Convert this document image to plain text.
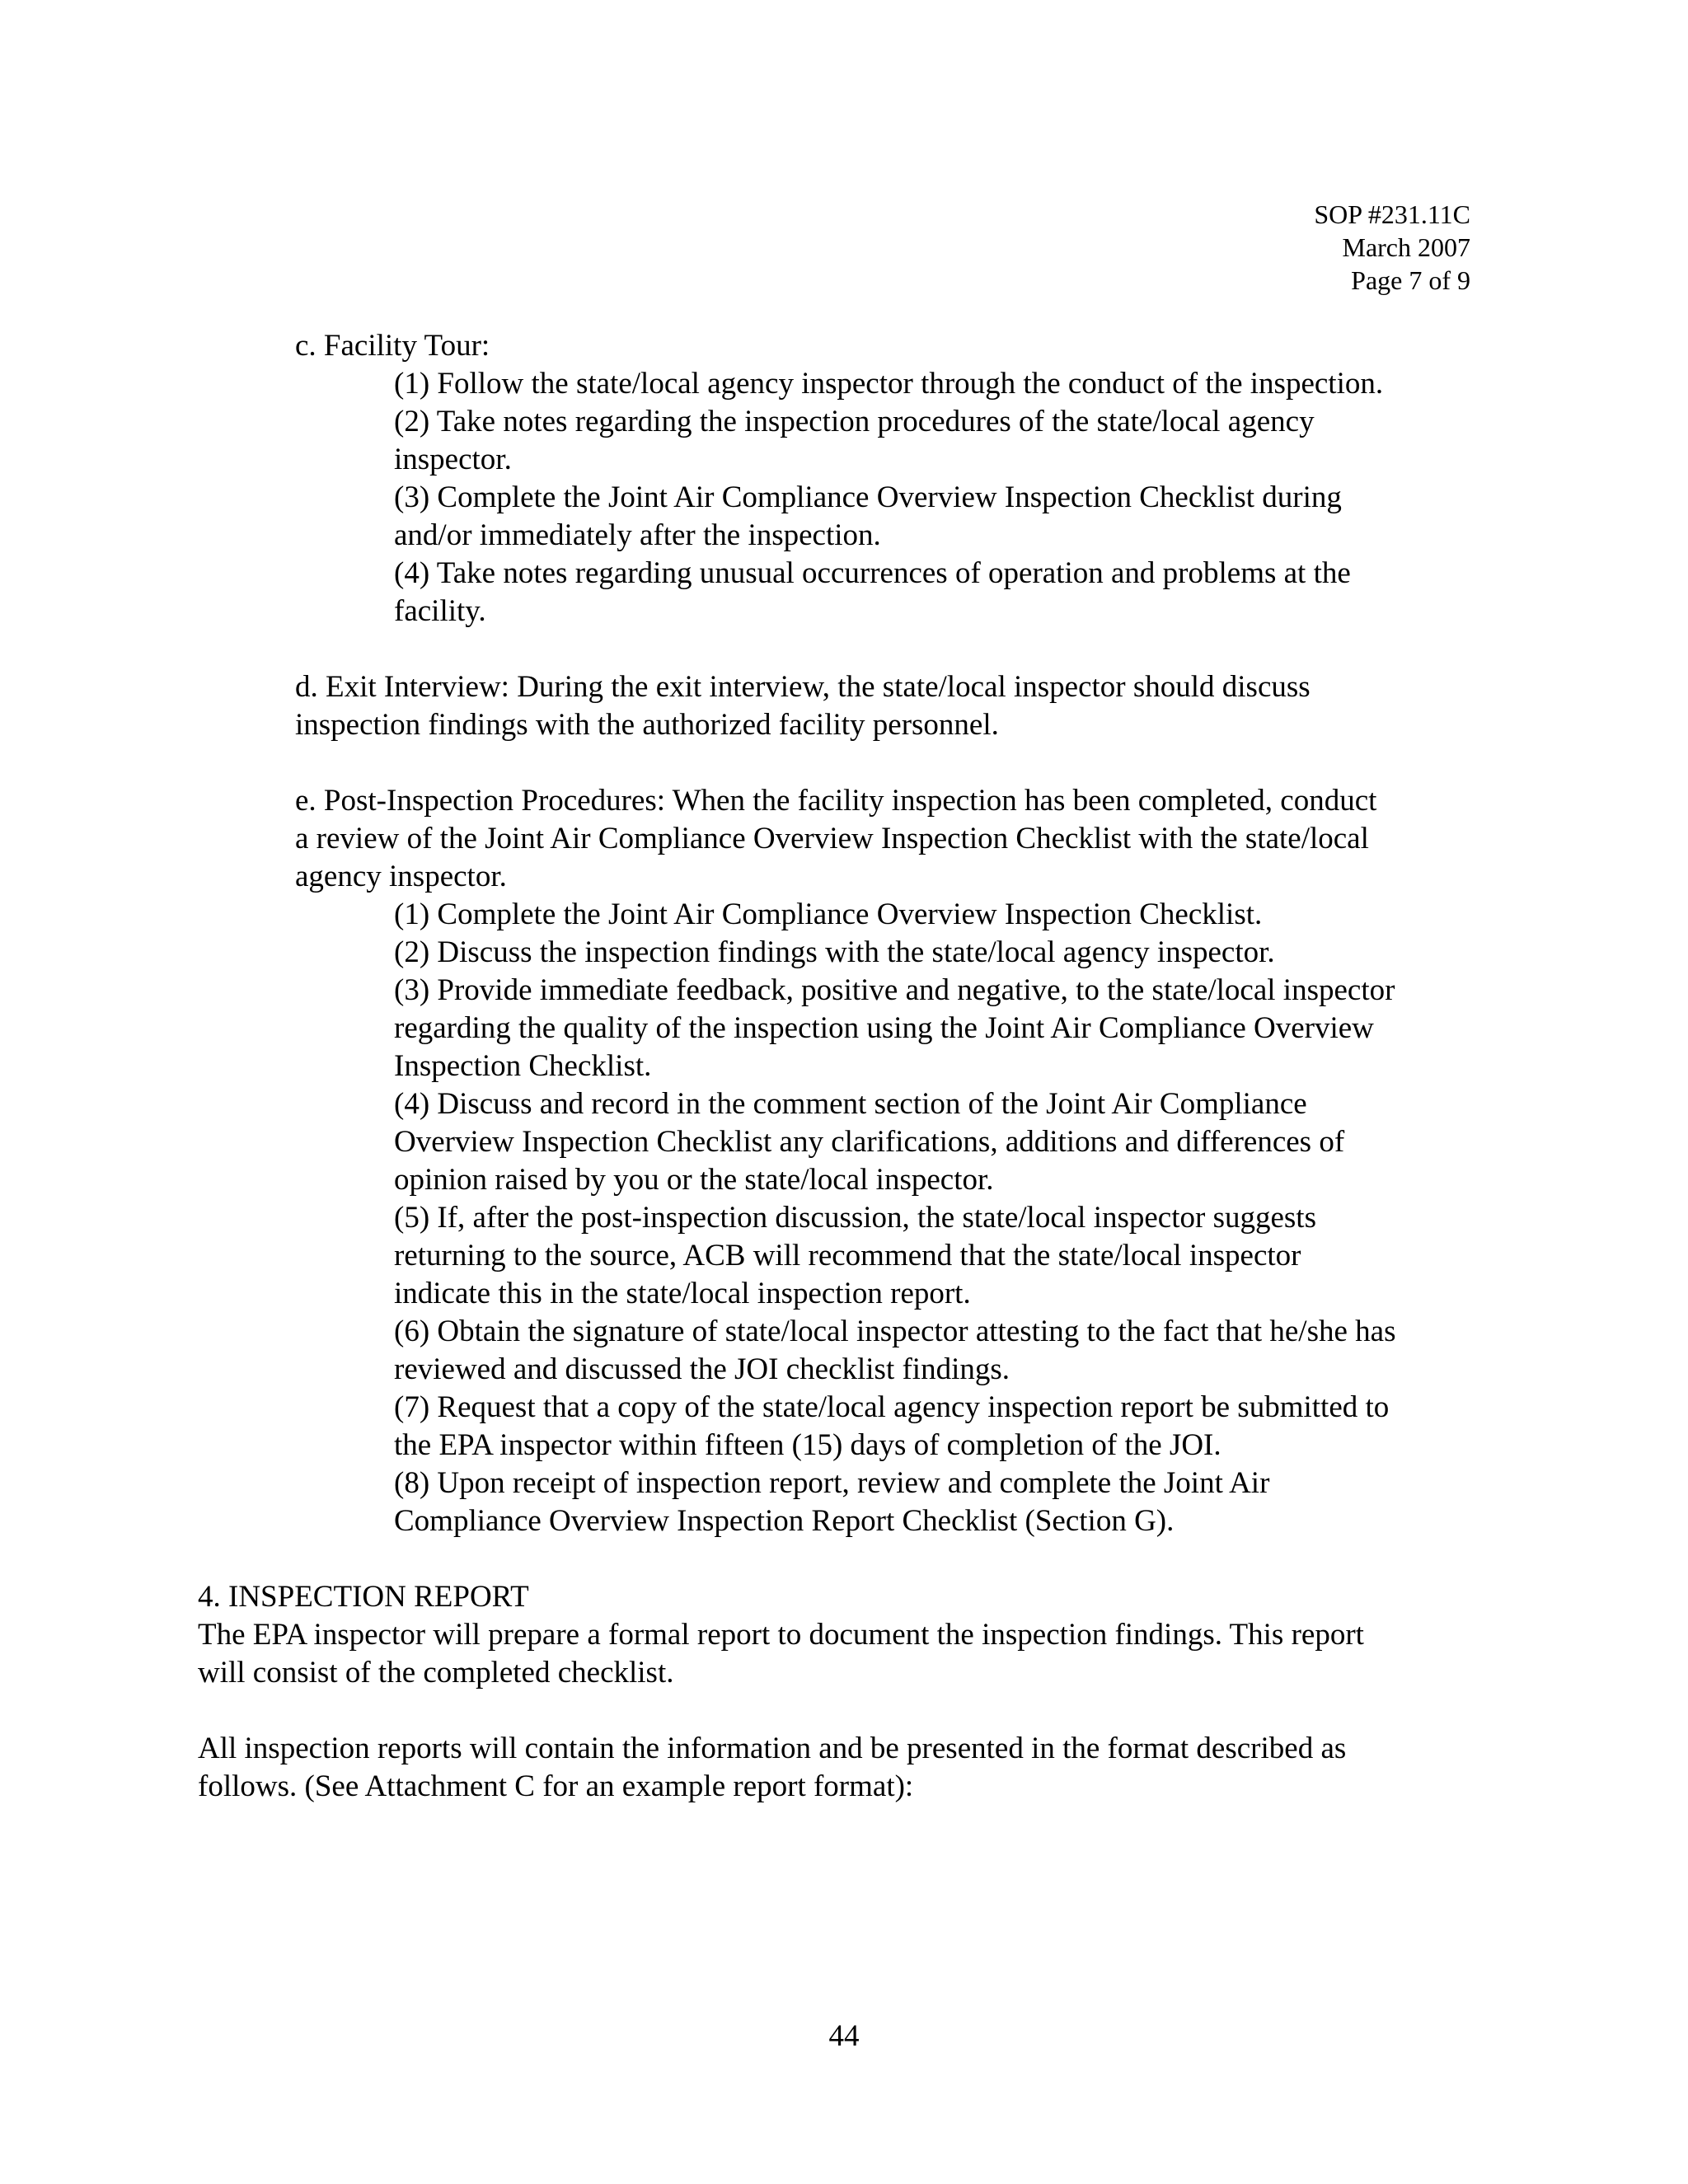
SOP #231.11C
March 2007
Page 7 of 9

c. Facility Tour:

(1) Follow the state/local agency inspector through the conduct of the inspection.

(2) Take notes regarding the inspection procedures of the state/local agency

inspector.

(3) Complete the Joint Air Compliance Overview Inspection Checklist during

and/or immediately after the inspection.

(4) Take notes regarding unusual occurrences of operation and problems at the

facility.

d. Exit Interview: During the exit interview, the state/local inspector should discuss

inspection findings with the authorized facility personnel.

e. Post-Inspection Procedures: When the facility inspection has been completed, conduct

a review of the Joint Air Compliance Overview Inspection Checklist with the state/local

agency inspector.

(1) Complete the Joint Air Compliance Overview Inspection Checklist.

(2) Discuss the inspection findings with the state/local agency inspector.

(3) Provide immediate feedback, positive and negative, to the state/local inspector

regarding the quality of the inspection using the Joint Air Compliance Overview

Inspection Checklist.

(4) Discuss and record in the comment section of the Joint Air Compliance

Overview Inspection Checklist any clarifications, additions and differences of

opinion raised by you or the state/local inspector.

(5) If, after the post-inspection discussion, the state/local inspector suggests

returning to the source, ACB will recommend that the state/local inspector

indicate this in the state/local inspection report.

(6) Obtain the signature of state/local inspector attesting to the fact that he/she has

reviewed and discussed the JOI checklist findings.

(7) Request that a copy of the state/local agency inspection report be submitted to

the EPA inspector within fifteen (15) days of completion of the JOI.

(8) Upon receipt of inspection report, review and complete the Joint Air

Compliance Overview Inspection Report Checklist (Section G).

4. INSPECTION REPORT

The EPA inspector will prepare a formal report to document the inspection findings. This report

will consist of the completed checklist.

All inspection reports will contain the information and be presented in the format described as

follows. (See Attachment C for an example report format):

44
